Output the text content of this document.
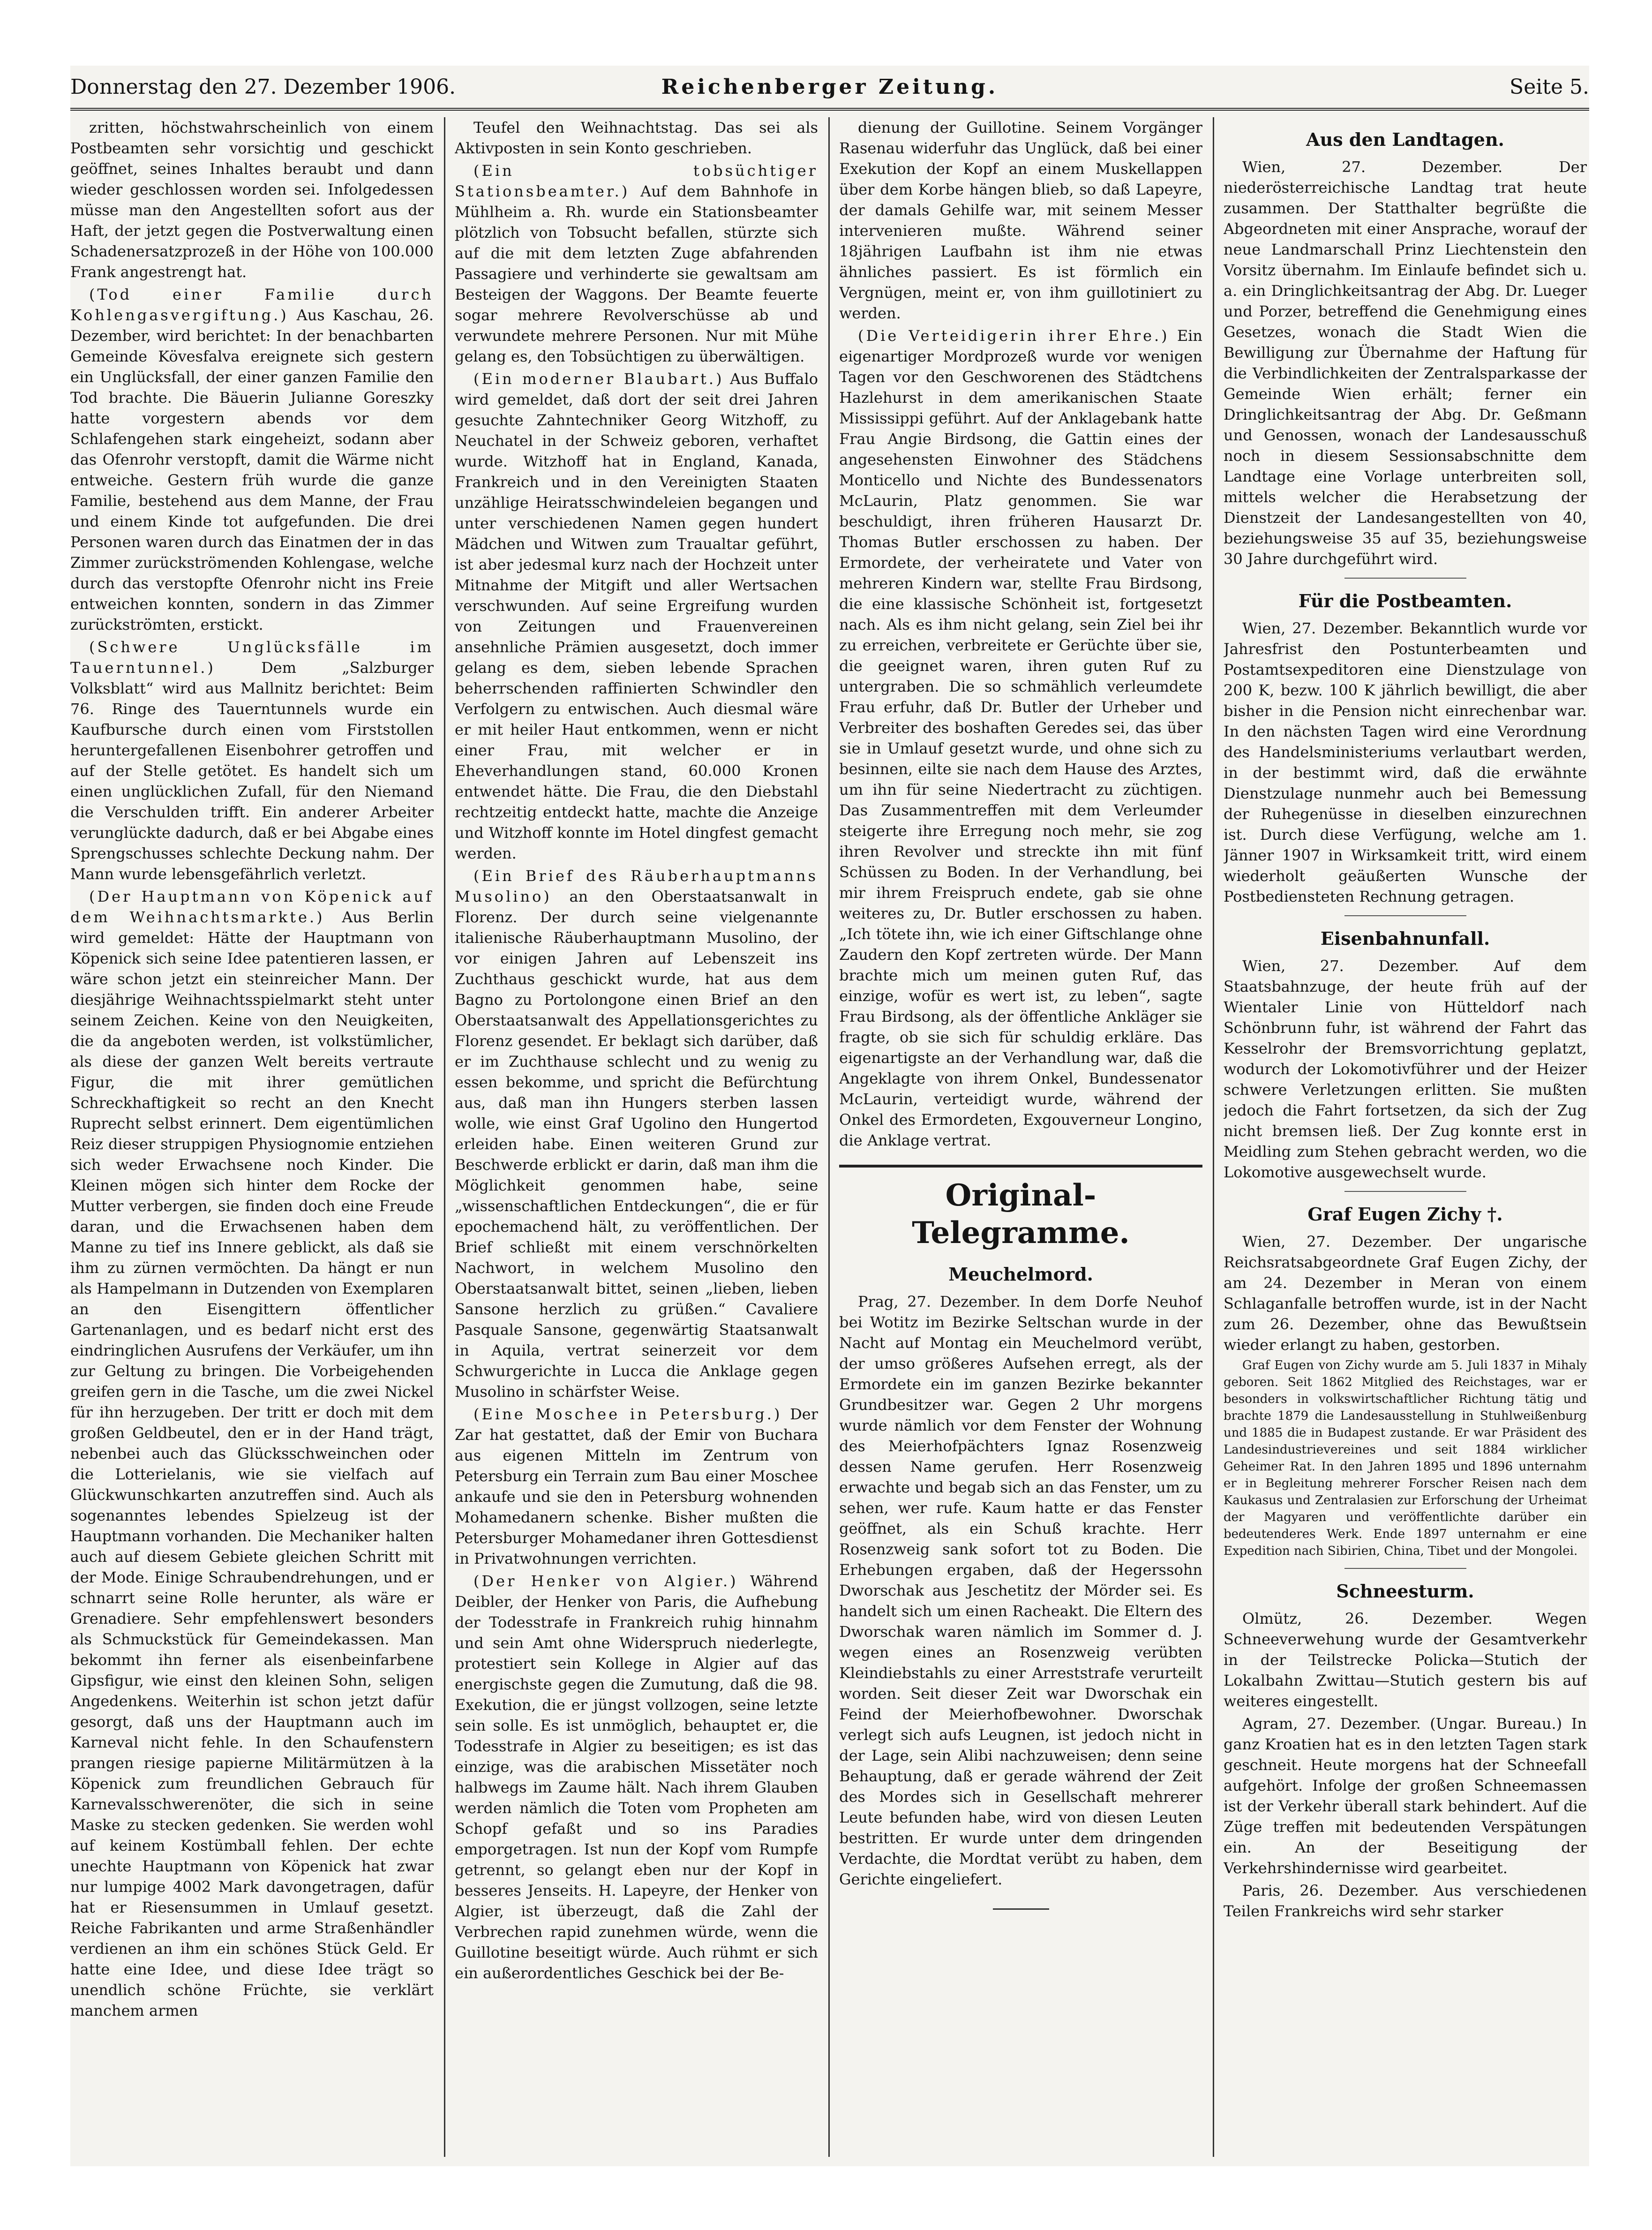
Donnerstag den 27. Dezember 1906.	Reichenberger Zeitung.	Seite 5.

zritten, höchstwahrscheinlich von einem Postbeamten sehr vorsichtig und geschickt geöffnet, seines Inhaltes beraubt und dann wieder geschlossen worden sei. Infolgedessen müsse man den Angestellten sofort aus der Haft, der jetzt gegen die Postverwaltung einen Schadenersatzprozeß in der Höhe von 100.000 Frank angestrengt hat.

(Tod einer Familie durch Kohlengasvergiftung.) Aus Kaschau, 26. Dezember, wird berichtet: In der benachbarten Gemeinde Kövesfalva ereignete sich gestern ein Unglücksfall, der einer ganzen Familie den Tod brachte. Die Bäuerin Julianne Goreszky hatte vorgestern abends vor dem Schlafengehen stark eingeheizt, sodann aber das Ofenrohr verstopft, damit die Wärme nicht entweiche. Gestern früh wurde die ganze Familie, bestehend aus dem Manne, der Frau und einem Kinde tot aufgefunden. Die drei Personen waren durch das Einatmen der in das Zimmer zurückströmenden Kohlengase, welche durch das verstopfte Ofenrohr nicht ins Freie entweichen konnten, sondern in das Zimmer zurückströmten, erstickt.

(Schwere Unglücksfälle im Tauerntunnel.)	Dem „Salzburger Volksblatt“ wird aus Mallnitz berichtet: Beim 76. Ringe des Tauerntunnels wurde ein Kaufbursche durch einen vom Firststollen heruntergefallenen Eisenbohrer getroffen und auf der Stelle getötet. Es handelt sich um einen unglücklichen Zufall, für den Niemand die Verschulden trifft. Ein anderer Arbeiter verunglückte dadurch, daß er bei Abgabe eines Sprengschusses schlechte Deckung nahm. Der Mann wurde lebensgefährlich verletzt.

(Der Hauptmann von Köpenick auf dem Weihnachtsmarkte.) Aus Berlin wird gemeldet: Hätte der Hauptmann von Köpenick sich seine Idee patentieren lassen, er wäre schon jetzt ein steinreicher Mann. Der diesjährige Weihnachtsspielmarkt steht unter seinem Zeichen. Keine von den Neuigkeiten, die da angeboten werden, ist volkstümlicher, als diese der ganzen Welt bereits vertraute Figur, die mit ihrer gemütlichen Schreckhaftigkeit so recht an den Knecht Ruprecht selbst erinnert. Dem eigentümlichen Reiz dieser struppigen Physiognomie entziehen sich weder Erwachsene noch Kinder. Die Kleinen mögen sich hinter dem Rocke der Mutter verbergen, sie finden doch eine Freude daran, und die Erwachsenen haben dem Manne zu tief ins Innere geblickt, als daß sie ihm zu zürnen vermöchten. Da hängt er nun als Hampelmann in Dutzenden von Exemplaren an den Eisengittern öffentlicher Gartenanlagen, und es bedarf nicht erst des eindringlichen Ausrufens der Verkäufer, um ihn zur Geltung zu bringen. Die Vorbeigehenden greifen gern in die Tasche, um die zwei Nickel für ihn herzugeben. Der tritt er doch mit dem großen Geldbeutel, den er in der Hand trägt, nebenbei auch das Glücksschweinchen oder die Lotterielanis, wie sie vielfach auf Glückwunschkarten anzutreffen sind. Auch als sogenanntes lebendes Spielzeug ist der Hauptmann vorhanden. Die Mechaniker halten auch auf diesem Gebiete gleichen Schritt mit der Mode. Einige Schraubendrehungen, und er schnarrt seine Rolle herunter, als wäre er Grenadiere. Sehr empfehlenswert besonders als Schmuckstück für Gemeindekassen. Man bekommt ihn ferner als eisenbeinfarbene Gipsfigur, wie einst den kleinen Sohn, seligen Angedenkens. Weiterhin ist schon jetzt dafür gesorgt, daß uns der Hauptmann auch im Karneval nicht fehle. In den Schaufenstern prangen riesige papierne Militärmützen à la Köpenick zum freundlichen Gebrauch für Karnevalsschwerenöter, die sich in seine Maske zu stecken gedenken. Sie werden wohl auf keinem Kostümball fehlen. Der echte unechte Hauptmann von Köpenick hat zwar nur lumpige 4002 Mark davongetragen, dafür hat er Riesensummen in Umlauf gesetzt. Reiche Fabrikanten und arme Straßenhändler verdienen an ihm ein schönes Stück Geld. Er hatte eine Idee, und diese Idee trägt so unendlich schöne Früchte, sie verklärt manchem armen

Teufel den Weihnachtstag. Das sei als Aktivposten in sein Konto geschrieben.

(Ein tobsüchtiger Stationsbeamter.) Auf dem Bahnhofe in Mühlheim a. Rh. wurde ein Stationsbeamter plötzlich von Tobsucht befallen, stürzte sich auf die mit dem letzten Zuge abfahrenden Passagiere und verhinderte sie gewaltsam am Besteigen der Waggons. Der Beamte feuerte sogar mehrere Revolverschüsse ab und verwundete mehrere Personen. Nur mit Mühe gelang es, den Tobsüchtigen zu überwältigen.

(Ein moderner Blaubart.) Aus Buffalo wird gemeldet, daß dort der seit drei Jahren gesuchte Zahntechniker Georg Witzhoff, zu Neuchatel in der Schweiz geboren, verhaftet wurde. Witzhoff hat in England, Kanada, Frankreich und in den Vereinigten Staaten unzählige Heiratsschwindeleien begangen und unter verschiedenen Namen gegen hundert Mädchen und Witwen zum Traualtar geführt, ist aber jedesmal kurz nach der Hochzeit unter Mitnahme der Mitgift und aller Wertsachen verschwunden. Auf seine Ergreifung wurden von Zeitungen und Frauenvereinen ansehnliche Prämien ausgesetzt, doch immer gelang es dem, sieben lebende Sprachen beherrschenden raffinierten Schwindler den Verfolgern zu entwischen. Auch diesmal wäre er mit heiler Haut entkommen, wenn er nicht einer Frau, mit welcher er in Eheverhandlungen stand, 60.000 Kronen entwendet hätte. Die Frau, die den Diebstahl rechtzeitig entdeckt hatte, machte die Anzeige und Witzhoff konnte im Hotel dingfest gemacht werden.

(Ein Brief des Räuberhauptmanns Musolino) an den Oberstaatsanwalt in Florenz. Der durch seine vielgenannte italienische Räuberhauptmann Musolino, der vor einigen Jahren auf Lebenszeit ins Zuchthaus geschickt wurde, hat aus dem Bagno zu Portolongone einen Brief an den Oberstaatsanwalt des Appellationsgerichtes zu Florenz gesendet. Er beklagt sich darüber, daß er im Zuchthause schlecht und zu wenig zu essen bekomme, und spricht die Befürchtung aus, daß man ihn Hungers sterben lassen wolle, wie einst Graf Ugolino den Hungertod erleiden habe. Einen weiteren Grund zur Beschwerde erblickt er darin, daß man ihm die Möglichkeit genommen habe, seine „wissenschaftlichen Entdeckungen“, die er für epochemachend hält, zu veröffentlichen. Der Brief schließt mit einem verschnörkelten Nachwort, in welchem Musolino den Oberstaatsanwalt bittet, seinen „lieben, lieben Sansone herzlich zu grüßen.“ Cavaliere Pasquale Sansone, gegenwärtig Staatsanwalt in Aquila, vertrat seinerzeit vor dem Schwurgerichte in Lucca die Anklage gegen Musolino in schärfster Weise.

(Eine Moschee in Petersburg.) Der Zar hat gestattet, daß der Emir von Buchara aus eigenen Mitteln im Zentrum von Petersburg ein Terrain zum Bau einer Moschee ankaufe und sie den in Petersburg wohnenden Mohamedanern schenke. Bisher mußten die Petersburger Mohamedaner ihren Gottesdienst in Privatwohnungen verrichten.

(Der Henker von Algier.) Während Deibler, der Henker von Paris, die Aufhebung der Todesstrafe in Frankreich ruhig hinnahm und sein Amt ohne Widerspruch niederlegte, protestiert sein Kollege in Algier auf das energischste gegen die Zumutung, daß die 98. Exekution, die er jüngst vollzogen, seine letzte sein solle. Es ist unmöglich, behauptet er, die Todesstrafe in Algier zu beseitigen; es ist das einzige, was die arabischen Missetäter noch halbwegs im Zaume hält. Nach ihrem Glauben werden nämlich die Toten vom Propheten am Schopf gefaßt und so ins Paradies emporgetragen. Ist nun der Kopf vom Rumpfe getrennt, so gelangt eben nur der Kopf in besseres Jenseits. H. Lapeyre, der Henker von Algier, ist überzeugt, daß die Zahl der Verbrechen rapid zunehmen würde, wenn die Guillotine beseitigt würde. Auch rühmt er sich ein außerordentliches Geschick bei der Be-

dienung der Guillotine. Seinem Vorgänger Rasenau widerfuhr das Unglück, daß bei einer Exekution der Kopf an einem Muskellappen über dem Korbe hängen blieb, so daß Lapeyre, der damals Gehilfe war, mit seinem Messer intervenieren mußte. Während seiner 18jährigen Laufbahn ist ihm nie etwas ähnliches passiert. Es ist förmlich ein Vergnügen, meint er, von ihm guillotiniert zu werden.

(Die Verteidigerin ihrer Ehre.) Ein eigenartiger Mordprozeß wurde vor wenigen Tagen vor den Geschworenen des Städtchens Hazlehurst in dem amerikanischen Staate Mississippi geführt. Auf der Anklagebank hatte Frau Angie Birdsong, die Gattin eines der angesehensten Einwohner des Städchens Monticello und Nichte des Bundessenators McLaurin, Platz genommen. Sie war beschuldigt, ihren früheren Hausarzt Dr. Thomas Butler erschossen zu haben. Der Ermordete, der verheiratete und Vater von mehreren Kindern war, stellte Frau Birdsong, die eine klassische Schönheit ist, fortgesetzt nach. Als es ihm nicht gelang, sein Ziel bei ihr zu erreichen, verbreitete er Gerüchte über sie, die geeignet waren, ihren guten Ruf zu untergraben. Die so schmählich verleumdete Frau erfuhr, daß Dr. Butler der Urheber und Verbreiter des boshaften Geredes sei, das über sie in Umlauf gesetzt wurde, und ohne sich zu besinnen, eilte sie nach dem Hause des Arztes, um ihn für seine Niedertracht zu züchtigen. Das Zusammentreffen mit dem Verleumder steigerte ihre Erregung noch mehr, sie zog ihren Revolver und streckte ihn mit fünf Schüssen zu Boden. In der Verhandlung, bei mir ihrem Freispruch endete, gab sie ohne weiteres zu, Dr. Butler erschossen zu haben. „Ich tötete ihn, wie ich einer Giftschlange ohne Zaudern den Kopf zertreten würde. Der Mann brachte mich um meinen guten Ruf, das einzige, wofür es wert ist, zu leben“, sagte Frau Birdsong, als der öffentliche Ankläger sie fragte, ob sie sich für schuldig erkläre. Das eigenartigste an der Verhandlung war, daß die Angeklagte von ihrem Onkel, Bundessenator McLaurin, verteidigt wurde, während der Onkel des Ermordeten, Exgouverneur Longino, die Anklage vertrat.

Original-Telegramme.
Meuchelmord.

Prag, 27. Dezember. In dem Dorfe Neuhof bei Wotitz im Bezirke Seltschan wurde in der Nacht auf Montag ein Meuchelmord verübt, der umso größeres Aufsehen erregt, als der Ermordete ein im ganzen Bezirke bekannter Grundbesitzer war. Gegen 2 Uhr morgens wurde nämlich vor dem Fenster der Wohnung des Meierhofpächters Ignaz Rosenzweig dessen Name gerufen. Herr Rosenzweig erwachte und begab sich an das Fenster, um zu sehen, wer rufe. Kaum hatte er das Fenster geöffnet, als ein Schuß krachte. Herr Rosenzweig sank sofort tot zu Boden. Die Erhebungen ergaben, daß der Hegerssohn Dworschak aus Jeschetitz der Mörder sei. Es handelt sich um einen Racheakt. Die Eltern des Dworschak waren nämlich im Sommer d. J. wegen eines an Rosenzweig verübten Kleindiebstahls zu einer Arreststrafe verurteilt worden. Seit dieser Zeit war Dworschak ein Feind der Meierhofbewohner. Dworschak verlegt sich aufs Leugnen, ist jedoch nicht in der Lage, sein Alibi nachzuweisen; denn seine Behauptung, daß er gerade während der Zeit des Mordes sich in Gesellschaft mehrerer Leute befunden habe, wird von diesen Leuten bestritten. Er wurde unter dem dringenden Verdachte, die Mordtat verübt zu haben, dem Gerichte eingeliefert.

Aus den Landtagen.

Wien, 27. Dezember. Der niederösterreichische Landtag trat heute zusammen. Der Statthalter begrüßte die Abgeordneten mit einer Ansprache, worauf der neue Landmarschall Prinz Liechtenstein den Vorsitz übernahm. Im Einlaufe befindet sich u. a. ein Dringlichkeitsantrag der Abg. Dr. Lueger und Porzer, betreffend die Genehmigung eines Gesetzes, wonach die Stadt Wien die Bewilligung zur Übernahme der Haftung für die Verbindlichkeiten der Zentralsparkasse der Gemeinde Wien erhält; ferner ein Dringlichkeitsantrag der Abg. Dr. Geßmann und Genossen, wonach der Landesausschuß noch in diesem Sessionsabschnitte dem Landtage eine Vorlage unterbreiten soll, mittels welcher die Herabsetzung der Dienstzeit der Landesangestellten von 40, beziehungsweise 35 auf 35, beziehungsweise 30 Jahre durchgeführt wird.

Für die Postbeamten.

Wien, 27. Dezember. Bekanntlich wurde vor Jahresfrist den Postunterbeamten und Postamtsexpeditoren eine Dienstzulage von 200 K, bezw. 100 K jährlich bewilligt, die aber bisher in die Pension nicht einrechenbar war. In den nächsten Tagen wird eine Verordnung des Handelsministeriums verlautbart werden, in der bestimmt wird, daß die erwähnte Dienstzulage nunmehr auch bei Bemessung der Ruhegenüsse in dieselben einzurechnen ist. Durch diese Verfügung, welche am 1. Jänner 1907 in Wirksamkeit tritt, wird einem wiederholt geäußerten Wunsche der Postbediensteten Rechnung getragen.

Eisenbahnunfall.

Wien, 27. Dezember. Auf dem Staatsbahnzuge, der heute früh auf der Wientaler Linie von Hütteldorf nach Schönbrunn fuhr, ist während der Fahrt das Kesselrohr der Bremsvorrichtung geplatzt, wodurch der Lokomotivführer und der Heizer schwere Verletzungen erlitten. Sie mußten jedoch die Fahrt fortsetzen, da sich der Zug nicht bremsen ließ. Der Zug konnte erst in Meidling zum Stehen gebracht werden, wo die Lokomotive ausgewechselt wurde.

Graf Eugen Zichy †.

Wien, 27. Dezember. Der ungarische Reichsratsabgeordnete Graf Eugen Zichy, der am 24. Dezember in Meran von einem Schlaganfalle betroffen wurde, ist in der Nacht zum 26. Dezember, ohne das Bewußtsein wieder erlangt zu haben, gestorben.

Graf Eugen von Zichy wurde am 5. Juli 1837 in Mihaly geboren. Seit 1862 Mitglied des Reichstages, war er besonders in volkswirtschaftlicher Richtung tätig und brachte 1879 die Landesausstellung in Stuhlweißenburg und 1885 die in Budapest zustande. Er war Präsident des Landesindustrievereines und seit 1884 wirklicher Geheimer Rat. In den Jahren 1895 und 1896 unternahm er in Begleitung mehrerer Forscher Reisen nach dem Kaukasus und Zentralasien zur Erforschung der Urheimat der Magyaren und veröffentlichte darüber ein bedeutenderes Werk. Ende 1897 unternahm er eine Expedition nach Sibirien, China, Tibet und der Mongolei.

Schneesturm.

Olmütz, 26. Dezember. Wegen Schneeverwehung wurde der Gesamtverkehr in der Teilstrecke Policka—Stutich der Lokalbahn Zwittau—Stutich gestern bis auf weiteres eingestellt.

Agram, 27. Dezember. (Ungar. Bureau.) In ganz Kroatien hat es in den letzten Tagen stark geschneit. Heute morgens hat der Schneefall aufgehört. Infolge der großen Schneemassen ist der Verkehr überall stark behindert. Auf die Züge treffen mit bedeutenden Verspätungen ein. An der Beseitigung der Verkehrshindernisse wird gearbeitet.

Paris, 26. Dezember. Aus verschiedenen Teilen Frankreichs wird sehr starker
